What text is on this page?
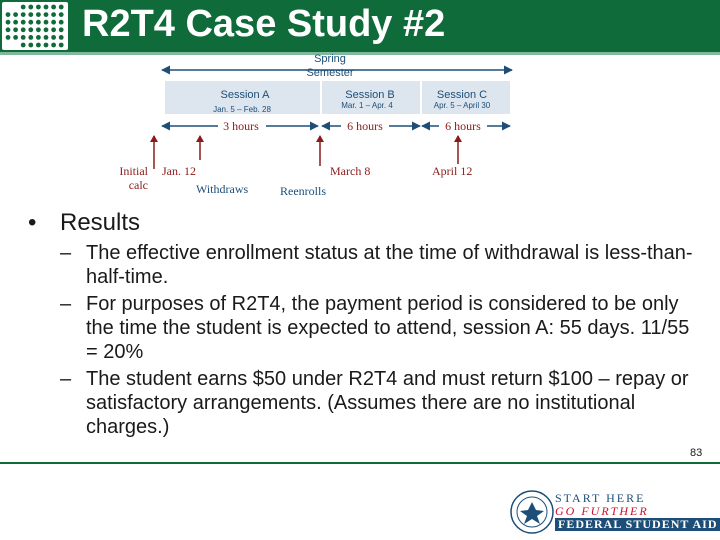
R2T4 Case Study #2
Spring
Semester
Session A	Session B	Session C
Jan. 5 – Feb. 28	Mar. 1 – Apr. 4	Apr. 5 – April 30
3 hours	6 hours	6 hours
Initial
calc
Jan. 12
Withdraws
March 8
Reenrolls
April 12
• Results
– The effective enrollment status at the time of withdrawal is less-than-half-time.
– For purposes of R2T4, the payment period is considered to be only the time the student is expected to attend, session A: 55 days. 11/55 = 20%
– The student earns $50 under R2T4 and must return $100 – repay or satisfactory arrangements. (Assumes there are no institutional charges.)
83
START HERE
GO FURTHER
FEDERAL STUDENT AID
